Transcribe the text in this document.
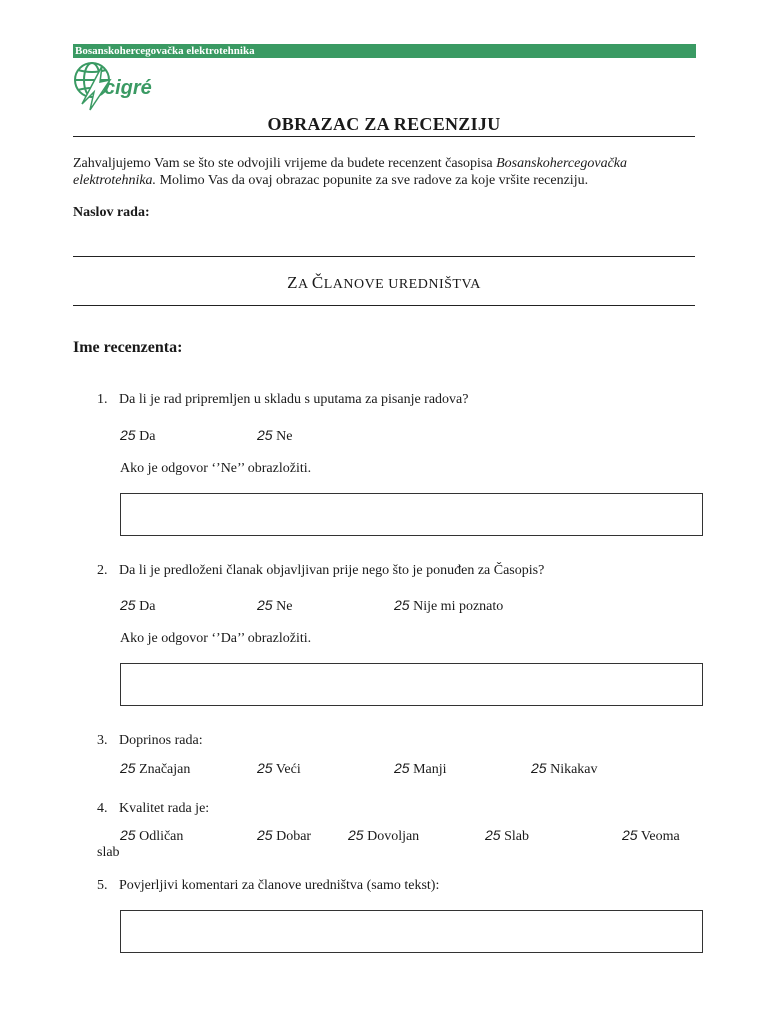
Bosanskohercegovačka elektrotehnika
cigré
OBRAZAC ZA RECENZIJU
Zahvaljujemo Vam se što ste odvojili vrijeme da budete recenzent časopisa Bosanskohercegovačka elektrotehnika. Molimo Vas da ovaj obrazac popunite za sve radove za koje vršite recenziju.
Naslov rada:
ZA ČLANOVE UREDNIŠTVA
Ime recenzenta:
1. Da li je rad pripremljen u skladu s uputama za pisanje radova?
25 Da	25 Ne
Ako je odgovor ‘’Ne’’ obrazložiti.
2. Da li je predloženi članak objavljivan prije nego što je ponuđen za Časopis?
25 Da	25 Ne	25 Nije mi poznato
Ako je odgovor ‘’Da’’ obrazložiti.
3. Doprinos rada:
25 Značajan	25 Veći	25 Manji	25 Nikakav
4. Kvalitet rada je:
25 Odličan	25 Dobar	25 Dovoljan	25 Slab	25 Veoma
slab
5. Povjerljivi komentari za članove uredništva (samo tekst):
